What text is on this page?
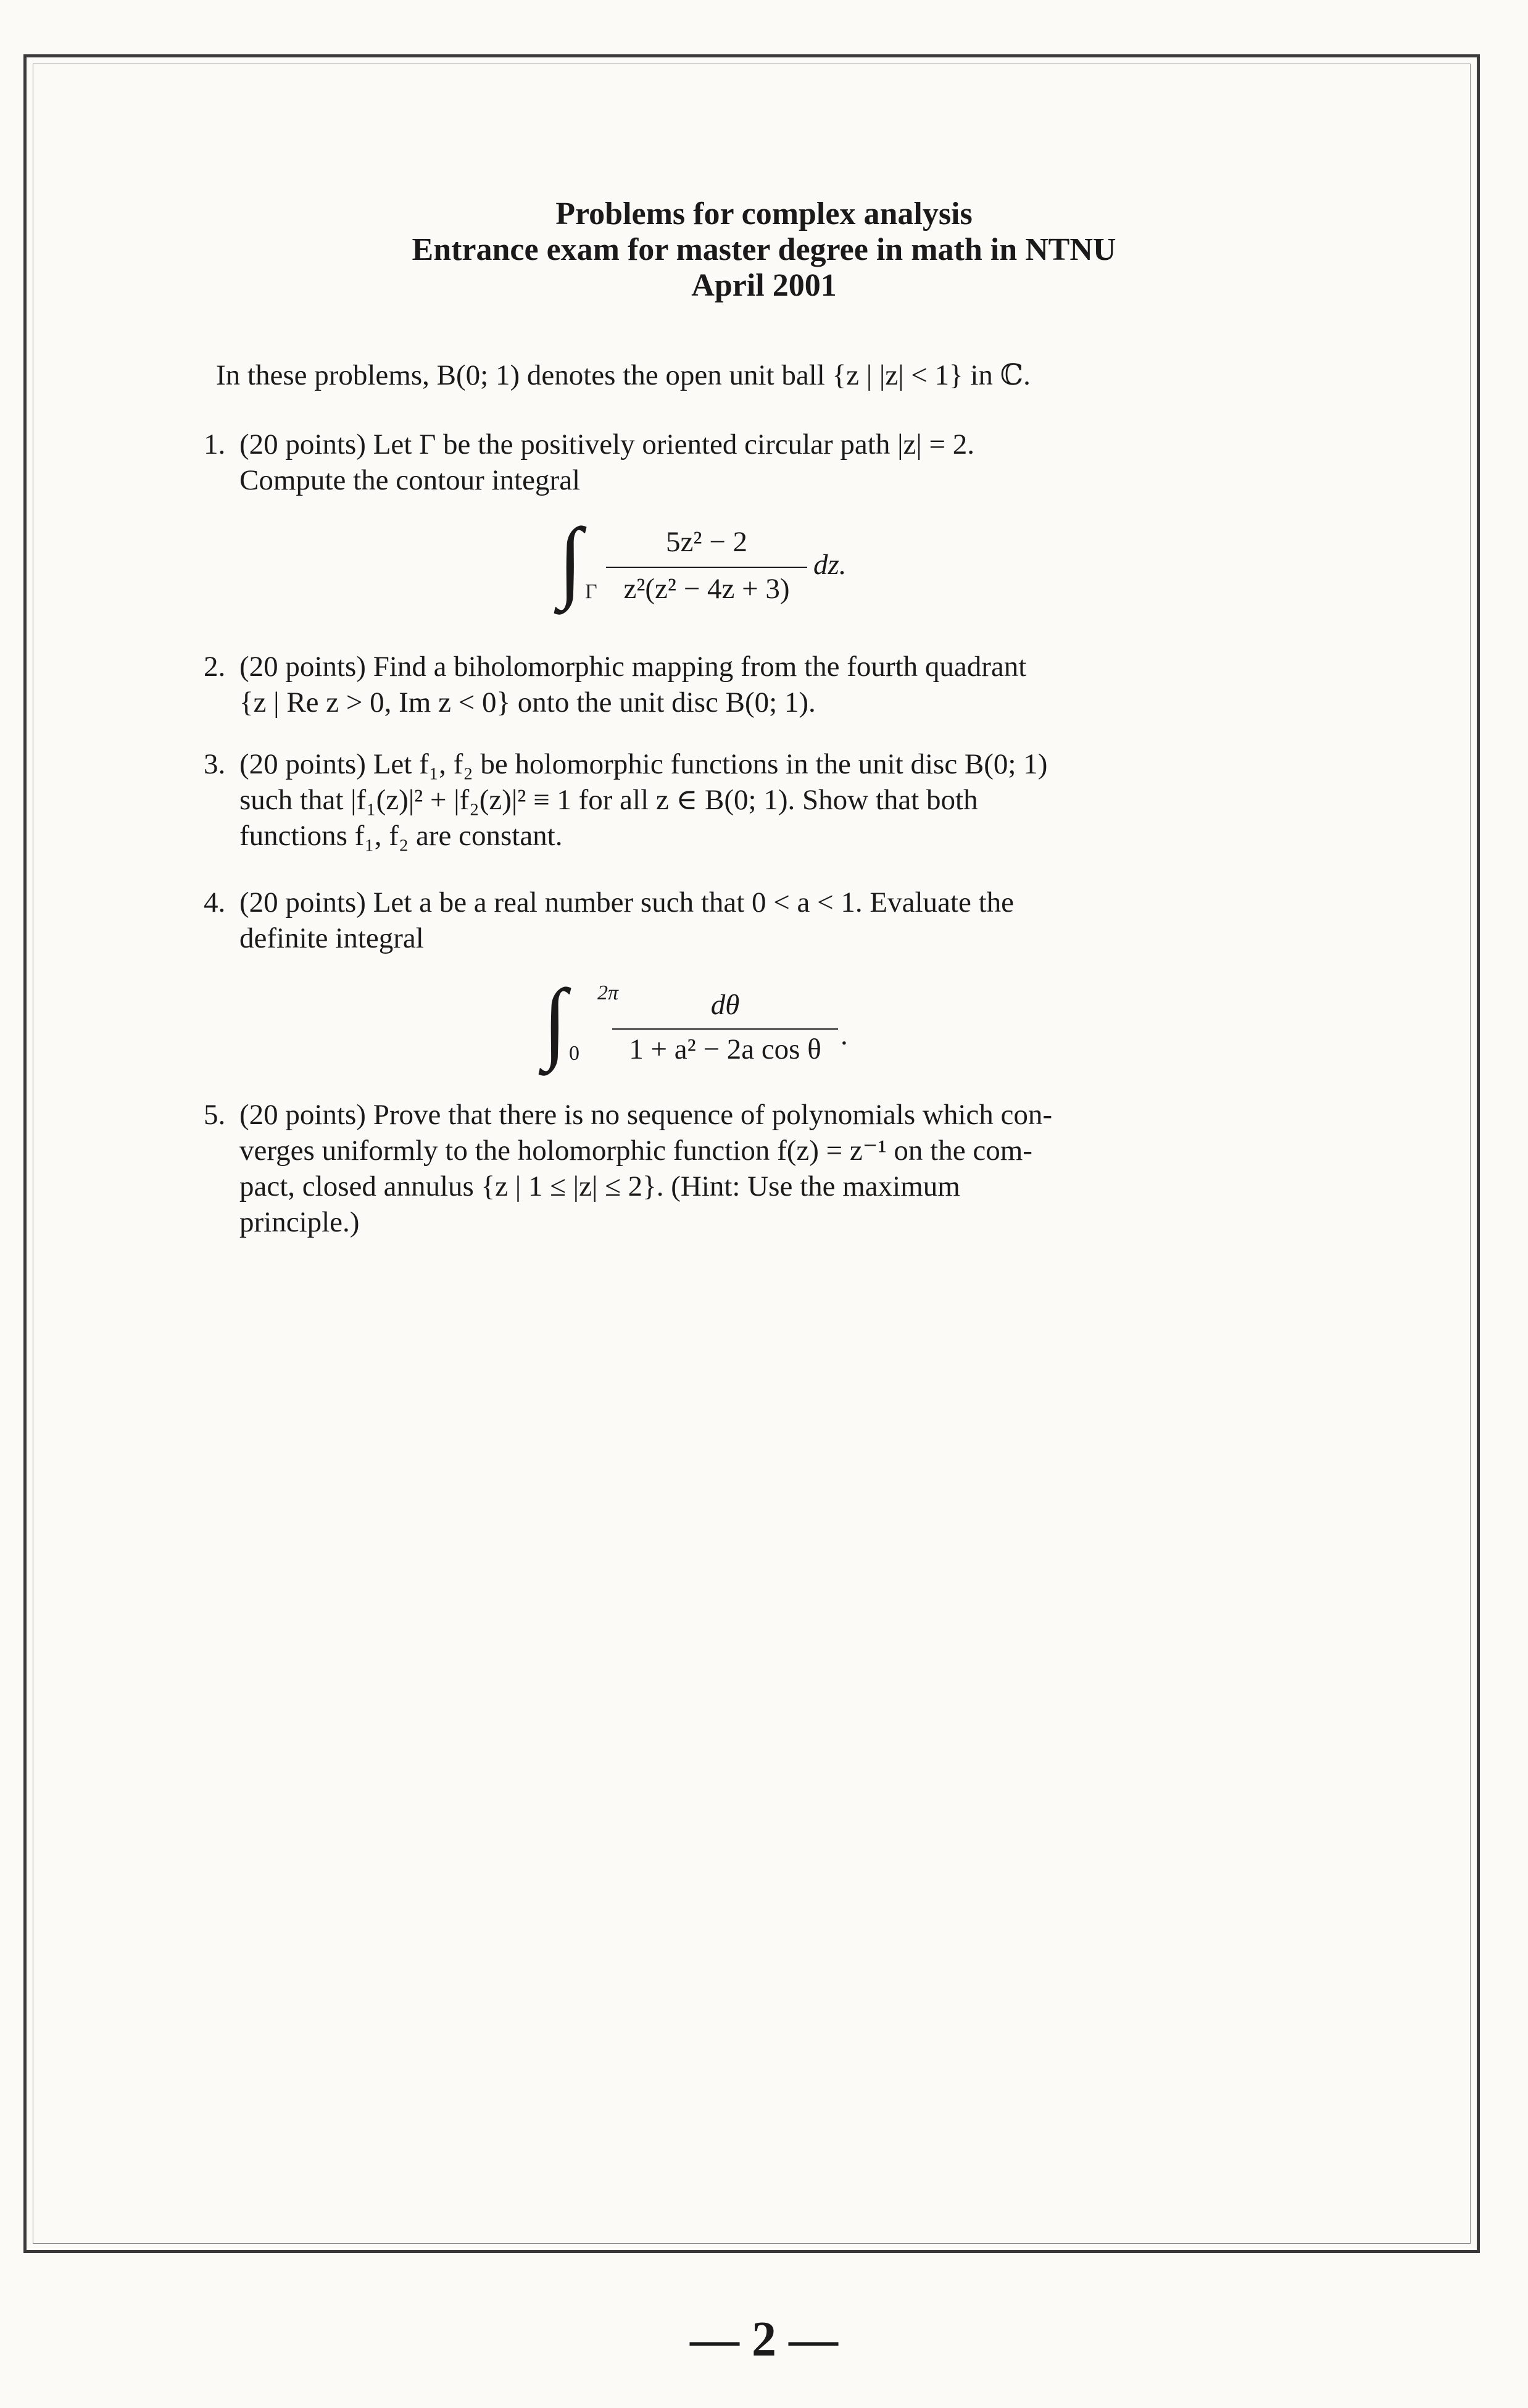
Problems for complex analysis
Entrance exam for master degree in math in NTNU
April 2001
In these problems, B(0; 1) denotes the open unit ball {z | |z| < 1} in ℂ.
1. (20 points) Let Γ be the positively oriented circular path |z| = 2.
Compute the contour integral
∫ Γ
5z² − 2
z²(z² − 4z + 3)
dz.
2. (20 points) Find a biholomorphic mapping from the fourth quadrant
{z | Re z > 0, Im z < 0} onto the unit disc B(0; 1).
3. (20 points) Let f₁, f₂ be holomorphic functions in the unit disc B(0; 1)
such that |f₁(z)|² + |f₂(z)|² ≡ 1 for all z ∈ B(0; 1). Show that both
functions f₁, f₂ are constant.
4. (20 points) Let a be a real number such that 0 < a < 1. Evaluate the
definite integral
∫ 2π
0
dθ
1 + a² − 2a cos θ .
5. (20 points) Prove that there is no sequence of polynomials which con-
verges uniformly to the holomorphic function f(z) = z⁻¹ on the com-
pact, closed annulus {z | 1 ≤ |z| ≤ 2}. (Hint: Use the maximum
principle.)
— 2 —
